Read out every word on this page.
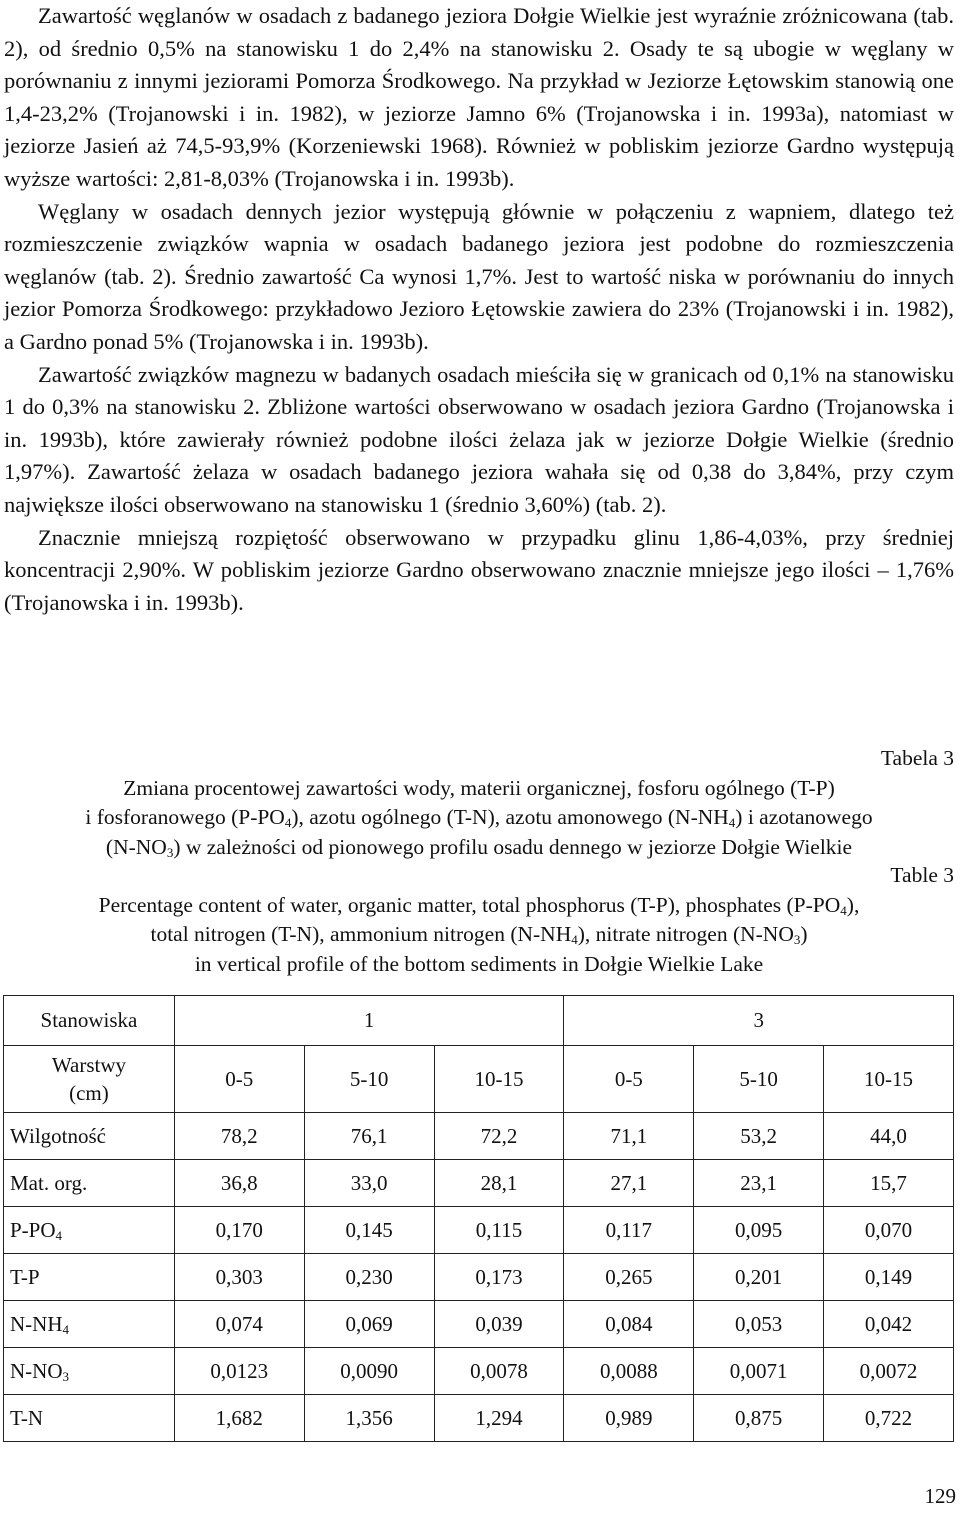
Zawartość węglanów w osadach z badanego jeziora Dołgie Wielkie jest wyraźnie zróżnicowana (tab. 2), od średnio 0,5% na stanowisku 1 do 2,4% na stanowisku 2. Osady te są ubogie w węglany w porównaniu z innymi jeziorami Pomorza Środkowego. Na przykład w Jeziorze Łętowskim stanowią one 1,4-23,2% (Trojanowski i in. 1982), w jeziorze Jamno 6% (Trojanowska i in. 1993a), natomiast w jeziorze Jasień aż 74,5-93,9% (Korzeniewski 1968). Również w pobliskim jeziorze Gardno występują wyższe wartości: 2,81-8,03% (Trojanowska i in. 1993b).

Węglany w osadach dennych jezior występują głównie w połączeniu z wapniem, dlatego też rozmieszczenie związków wapnia w osadach badanego jeziora jest podobne do rozmieszczenia węglanów (tab. 2). Średnio zawartość Ca wynosi 1,7%. Jest to wartość niska w porównaniu do innych jezior Pomorza Środkowego: przykładowo Jezioro Łętowskie zawiera do 23% (Trojanowski i in. 1982), a Gardno ponad 5% (Trojanowska i in. 1993b).

Zawartość związków magnezu w badanych osadach mieściła się w granicach od 0,1% na stanowisku 1 do 0,3% na stanowisku 2. Zbliżone wartości obserwowano w osadach jeziora Gardno (Trojanowska i in. 1993b), które zawierały również podobne ilości żelaza jak w jeziorze Dołgie Wielkie (średnio 1,97%). Zawartość żelaza w osadach badanego jeziora wahała się od 0,38 do 3,84%, przy czym największe ilości obserwowano na stanowisku 1 (średnio 3,60%) (tab. 2).

Znacznie mniejszą rozpiętość obserwowano w przypadku glinu 1,86-4,03%, przy średniej koncentracji 2,90%. W pobliskim jeziorze Gardno obserwowano znacznie mniejsze jego ilości – 1,76% (Trojanowska i in. 1993b).

Tabela 3
Zmiana procentowej zawartości wody, materii organicznej, fosforu ogólnego (T-P)
i fosforanowego $(P-PO_4)$, azotu ogólnego (T-N), azotu amonowego $(N-NH_4)$ i azotanowego
$(N-NO_3)$ w zależności od pionowego profilu osadu dennego w jeziorze Dołgie Wielkie
Table 3
Percentage content of water, organic matter, total phosphorus (T-P), phosphates $(P-PO_4)$,
total nitrogen (T-N), ammonium nitrogen $(N-NH_4)$, nitrate nitrogen $(N-NO_3)$
in vertical profile of the bottom sediments in Dołgie Wielkie Lake
Stanowiska	1			3		
Warstwy
(cm)	0-5	5-10	10-15	0-5	5-10	10-15
Wilgotność	78,2	76,1	72,2	71,1	53,2	44,0
Mat. org.	36,8	33,0	28,1	27,1	23,1	15,7
$P-PO_4$	0,170	0,145	0,115	0,117	0,095	0,070
T-P	0,303	0,230	0,173	0,265	0,201	0,149
$N-NH_4$	0,074	0,069	0,039	0,084	0,053	0,042
$N-NO_3$	0,0123	0,0090	0,0078	0,0088	0,0071	0,0072
T-N	1,682	1,356	1,294	0,989	0,875	0,722
129
